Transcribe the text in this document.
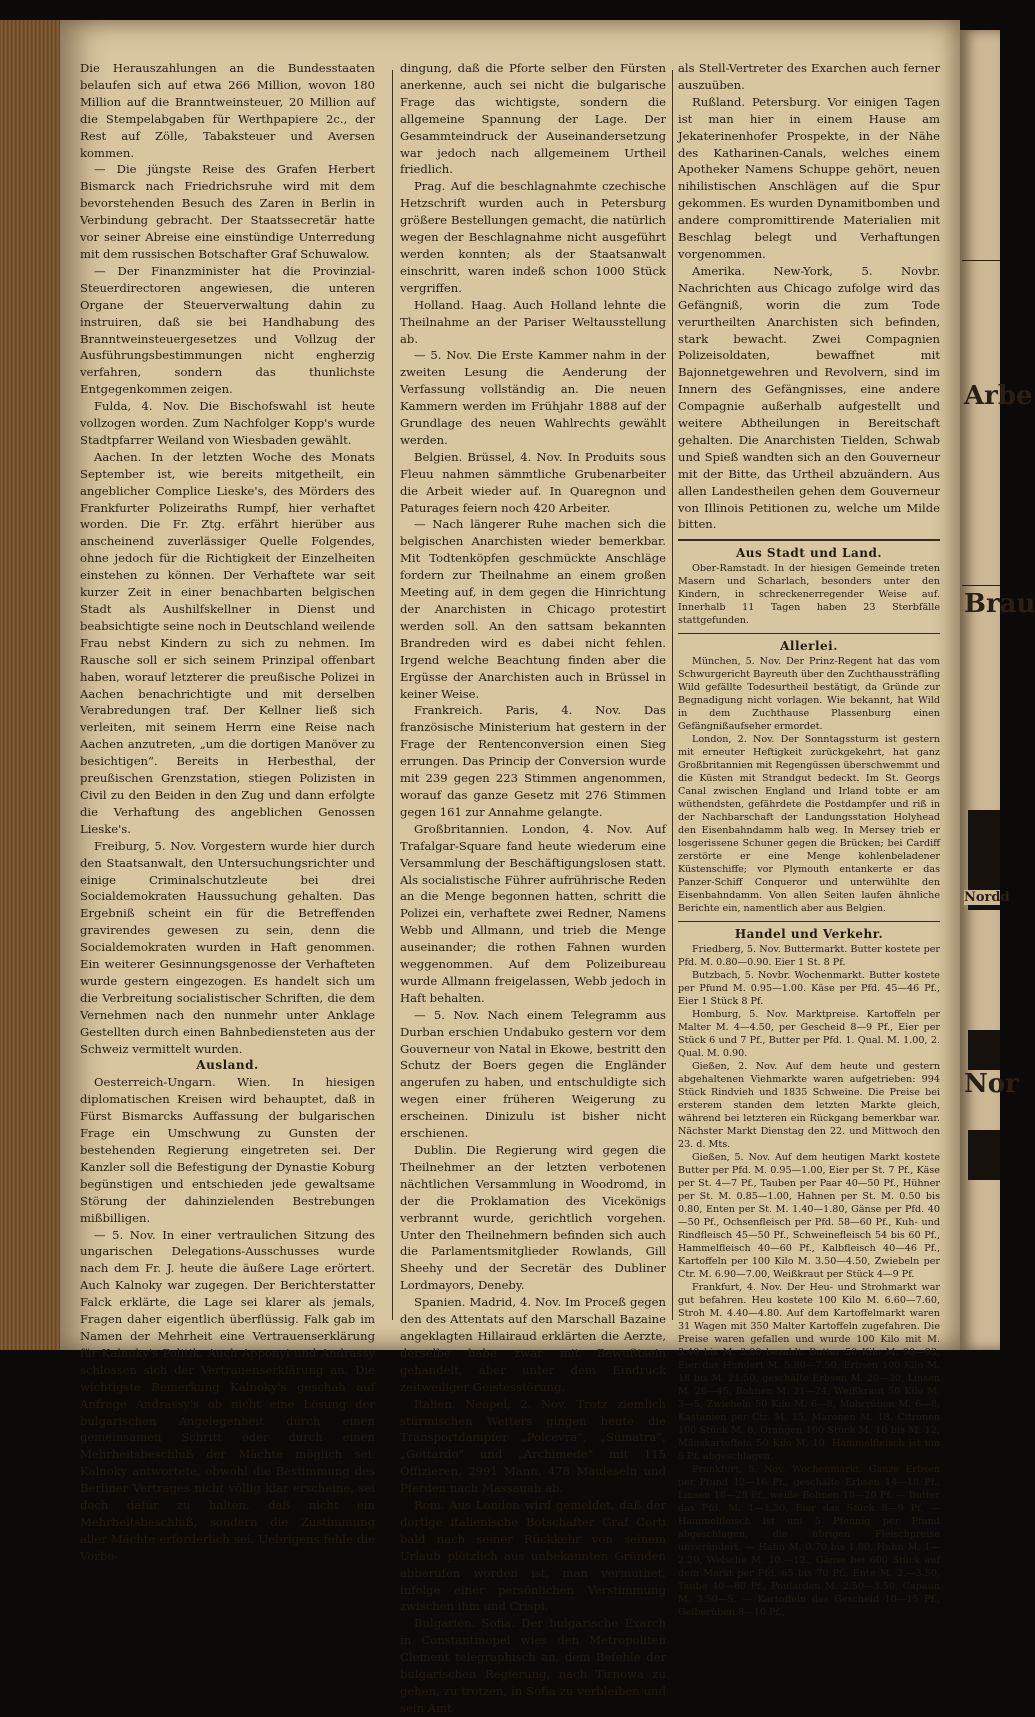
Die Herauszahlungen an die Bundesstaaten belaufen sich auf etwa 266 Million, wovon 180 Million auf die Branntweinsteuer, 20 Million auf die Stempelabgaben für Werthpapiere 2c., der Rest auf Zölle, Tabaksteuer und Aversen kommen.

— Die jüngste Reise des Grafen Herbert Bismarck nach Friedrichsruhe wird mit dem bevorstehenden Besuch des Zaren in Berlin in Verbindung gebracht. Der Staatssecretär hatte vor seiner Abreise eine einstündige Unterredung mit dem russischen Botschafter Graf Schuwalow.

— Der Finanzminister hat die Provinzial-Steuerdirectoren angewiesen, die unteren Organe der Steuerverwaltung dahin zu instruiren, daß sie bei Handhabung des Branntweinsteuergesetzes und Vollzug der Ausführungsbestimmungen nicht engherzig verfahren, sondern das thunlichste Entgegenkommen zeigen.

Fulda, 4. Nov. Die Bischofswahl ist heute vollzogen worden. Zum Nachfolger Kopp's wurde Stadtpfarrer Weiland von Wiesbaden gewählt.

Aachen. In der letzten Woche des Monats September ist, wie bereits mitgetheilt, ein angeblicher Complice Lieske's, des Mörders des Frankfurter Polizeiraths Rumpf, hier verhaftet worden. Die Fr. Ztg. erfährt hierüber aus anscheinend zuverlässiger Quelle Folgendes, ohne jedoch für die Richtigkeit der Einzelheiten einstehen zu können. Der Verhaftete war seit kurzer Zeit in einer benachbarten belgischen Stadt als Aushilfskellner in Dienst und beabsichtigte seine noch in Deutschland weilende Frau nebst Kindern zu sich zu nehmen. Im Rausche soll er sich seinem Prinzipal offenbart haben, worauf letzterer die preußische Polizei in Aachen benachrichtigte und mit derselben Verabredungen traf. Der Kellner ließ sich verleiten, mit seinem Herrn eine Reise nach Aachen anzutreten, „um die dortigen Manöver zu besichtigen“. Bereits in Herbesthal, der preußischen Grenzstation, stiegen Polizisten in Civil zu den Beiden in den Zug und dann erfolgte die Verhaftung des angeblichen Genossen Lieske's.

Freiburg, 5. Nov. Vorgestern wurde hier durch den Staatsanwalt, den Untersuchungsrichter und einige Criminalschutzleute bei drei Socialdemokraten Haussuchung gehalten. Das Ergebniß scheint ein für die Betreffenden gravirendes gewesen zu sein, denn die Socialdemokraten wurden in Haft genommen. Ein weiterer Gesinnungsgenosse der Verhafteten wurde gestern eingezogen. Es handelt sich um die Verbreitung socialistischer Schriften, die dem Vernehmen nach den nunmehr unter Anklage Gestellten durch einen Bahnbediensteten aus der Schweiz vermittelt wurden.

Ausland.

Oesterreich-Ungarn. Wien. In hiesigen diplomatischen Kreisen wird behauptet, daß in Fürst Bismarcks Auffassung der bulgarischen Frage ein Umschwung zu Gunsten der bestehenden Regierung eingetreten sei. Der Kanzler soll die Befestigung der Dynastie Koburg begünstigen und entschieden jede gewaltsame Störung der dahinzielenden Bestrebungen mißbilligen.

— 5. Nov. In einer vertraulichen Sitzung des ungarischen Delegations-Ausschusses wurde nach dem Fr. J. heute die äußere Lage erörtert. Auch Kalnoky war zugegen. Der Berichterstatter Falck erklärte, die Lage sei klarer als jemals, Fragen daher eigentlich überflüssig. Falk gab im Namen der Mehrheit eine Vertrauenserklärung für Kalnoky's Politik. Auch Apponyi und Andrassy schlossen sich der Vertrauenserklärung an. Die wichtigste Bemerkung Kalnoky's geschah auf Anfrage Andrassy's ob nicht eine Lösung der bulgarischen Angelegenheit durch einen gemeinsamen Schritt oder durch einen Mehrheitsbeschluß der Mächte möglich sei. Kalnoky antwortete, obwohl die Bestimmung des Berliner Vertrages nicht völlig klar erscheine, sei doch dafür zu halten, daß nicht ein Mehrheitsbeschluß, sondern die Zustimmung aller Mächte erforderlich sei. Uebrigens fehle die Vorbe-

dingung, daß die Pforte selber den Fürsten anerkenne, auch sei nicht die bulgarische Frage das wichtigste, sondern die allgemeine Spannung der Lage. Der Gesammteindruck der Auseinandersetzung war jedoch nach allgemeinem Urtheil friedlich.

Prag. Auf die beschlagnahmte czechische Hetzschrift wurden auch in Petersburg größere Bestellungen gemacht, die natürlich wegen der Beschlagnahme nicht ausgeführt werden konnten; als der Staatsanwalt einschritt, waren indeß schon 1000 Stück vergriffen.

Holland. Haag. Auch Holland lehnte die Theilnahme an der Pariser Weltausstellung ab.

— 5. Nov. Die Erste Kammer nahm in der zweiten Lesung die Aenderung der Verfassung vollständig an. Die neuen Kammern werden im Frühjahr 1888 auf der Grundlage des neuen Wahlrechts gewählt werden.

Belgien. Brüssel, 4. Nov. In Produits sous Fleuu nahmen sämmtliche Grubenarbeiter die Arbeit wieder auf. In Quaregnon und Paturages feiern noch 420 Arbeiter.

— Nach längerer Ruhe machen sich die belgischen Anarchisten wieder bemerkbar. Mit Todtenköpfen geschmückte Anschläge fordern zur Theilnahme an einem großen Meeting auf, in dem gegen die Hinrichtung der Anarchisten in Chicago protestirt werden soll. An den sattsam bekannten Brandreden wird es dabei nicht fehlen. Irgend welche Beachtung finden aber die Ergüsse der Anarchisten auch in Brüssel in keiner Weise.

Frankreich. Paris, 4. Nov. Das französische Ministerium hat gestern in der Frage der Rentenconversion einen Sieg errungen. Das Princip der Conversion wurde mit 239 gegen 223 Stimmen angenommen, worauf das ganze Gesetz mit 276 Stimmen gegen 161 zur Annahme gelangte.

Großbritannien. London, 4. Nov. Auf Trafalgar-Square fand heute wiederum eine Versammlung der Beschäftigungslosen statt. Als socialistische Führer aufrührische Reden an die Menge begonnen hatten, schritt die Polizei ein, verhaftete zwei Redner, Namens Webb und Allmann, und trieb die Menge auseinander; die rothen Fahnen wurden weggenommen. Auf dem Polizeibureau wurde Allmann freigelassen, Webb jedoch in Haft behalten.

— 5. Nov. Nach einem Telegramm aus Durban erschien Undabuko gestern vor dem Gouverneur von Natal in Ekowe, bestritt den Schutz der Boers gegen die Engländer angerufen zu haben, und entschuldigte sich wegen einer früheren Weigerung zu erscheinen. Dinizulu ist bisher nicht erschienen.

Dublin. Die Regierung wird gegen die Theilnehmer an der letzten verbotenen nächtlichen Versammlung in Woodromd, in der die Proklamation des Vicekönigs verbrannt wurde, gerichtlich vorgehen. Unter den Theilnehmern befinden sich auch die Parlamentsmitglieder Rowlands, Gill Sheehy und der Secretär des Dubliner Lordmayors, Deneby.

Spanien. Madrid, 4. Nov. Im Proceß gegen den des Attentats auf den Marschall Bazaine angeklagten Hillairaud erklärten die Aerzte, derselbe habe zwar mit Bewußtsein gehandelt, aber unter dem Eindruck zeitweiliger Geistesstörung.

Italien. Neapel, 2. Nov. Trotz ziemlich stürmischen Wetters gingen heute die Transportdampfer „Polcevra“, „Sumatra“, „Gottardo“ und „Archimede“ mit 115 Offizieren, 2991 Mann, 478 Mauleseln und Pferden nach Massauah ab.

Rom. Aus London wird gemeldet, daß der dortige italienische Botschafter Graf Corti bald nach seiner Rückkehr von seinem Urlaub plötzlich aus unbekannten Gründen abberufen worden ist, man vermuthet, infolge einer persönlichen Verstimmung zwischen ihm und Crispi.

Bulgarien. Sofia. Der bulgarische Exarch in Constantinopel wies den Metropoliten Clement telegraphisch an, dem Befehle der bulgarischen Regierung, nach Tirnowa zu gehen, zu trotzen, in Sofia zu verbleiben und sein Amt

als Stell-Vertreter des Exarchen auch ferner auszuüben.

Rußland. Petersburg. Vor einigen Tagen ist man hier in einem Hause am Jekaterinenhofer Prospekte, in der Nähe des Katharinen-Canals, welches einem Apotheker Namens Schuppe gehört, neuen nihilistischen Anschlägen auf die Spur gekommen. Es wurden Dynamitbomben und andere compromittirende Materialien mit Beschlag belegt und Verhaftungen vorgenommen.

Amerika. New-York, 5. Novbr. Nachrichten aus Chicago zufolge wird das Gefängniß, worin die zum Tode verurtheilten Anarchisten sich befinden, stark bewacht. Zwei Compagnien Polizeisoldaten, bewaffnet mit Bajonnetgewehren und Revolvern, sind im Innern des Gefängnisses, eine andere Compagnie außerhalb aufgestellt und weitere Abtheilungen in Bereitschaft gehalten. Die Anarchisten Tielden, Schwab und Spieß wandten sich an den Gouverneur mit der Bitte, das Urtheil abzuändern. Aus allen Landestheilen gehen dem Gouverneur von Illinois Petitionen zu, welche um Milde bitten.

Aus Stadt und Land.

Ober-Ramstadt. In der hiesigen Gemeinde treten Masern und Scharlach, besonders unter den Kindern, in schreckenerregender Weise auf. Innerhalb 11 Tagen haben 23 Sterbfälle stattgefunden.

Allerlei.

München, 5. Nov. Der Prinz-Regent hat das vom Schwurgericht Bayreuth über den Zuchthaussträfling Wild gefällte Todesurtheil bestätigt, da Gründe zur Begnadigung nicht vorlagen. Wie bekannt, hat Wild in dem Zuchthause Plassenburg einen Gefängnißaufseher ermordet.

London, 2. Nov. Der Sonntagssturm ist gestern mit erneuter Heftigkeit zurückgekehrt, hat ganz Großbritannien mit Regengüssen überschwemmt und die Küsten mit Strandgut bedeckt. Im St. Georgs Canal zwischen England und Irland tobte er am wüthendsten, gefährdete die Postdampfer und riß in der Nachbarschaft der Landungsstation Holyhead den Eisenbahndamm halb weg. In Mersey trieb er losgerissene Schuner gegen die Brücken; bei Cardiff zerstörte er eine Menge kohlenbeladener Küstenschiffe; vor Plymouth entankerte er das Panzer-Schiff Conqueror und unterwühlte den Eisenbahndamm. Von allen Seiten laufen ähnliche Berichte ein, namentlich aber aus Belgien.

Handel und Verkehr.

Friedberg, 5. Nov. Buttermarkt. Butter kostete per Pfd. M. 0.80—0.90. Eier 1 St. 8 Pf.

Butzbach, 5. Novbr. Wochenmarkt. Butter kostete per Pfund M. 0.95—1.00. Käse per Pfd. 45—46 Pf., Eier 1 Stück 8 Pf.

Homburg, 5. Nov. Marktpreise. Kartoffeln per Malter M. 4—4.50, per Gescheid 8—9 Pf., Eier per Stück 6 und 7 Pf., Butter per Pfd. 1. Qual. M. 1.00, 2. Qual. M. 0.90.

Gießen, 2. Nov. Auf dem heute und gestern abgehaltenen Viehmarkte waren aufgetrieben: 994 Stück Rindvieh und 1835 Schweine. Die Preise bei ersterem standen dem letzten Markte gleich, während bei letzteren ein Rückgang bemerkbar war. Nächster Markt Dienstag den 22. und Mittwoch den 23. d. Mts.

Gießen, 5. Nov. Auf dem heutigen Markt kostete Butter per Pfd. M. 0.95—1.00, Eier per St. 7 Pf., Käse per St. 4—7 Pf., Tauben per Paar 40—50 Pf., Hühner per St. M. 0.85—1.00, Hahnen per St. M. 0.50 bis 0.80, Enten per St. M. 1.40—1.80, Gänse per Pfd. 40—50 Pf., Ochsenfleisch per Pfd. 58—60 Pf., Kuh- und Rindfleisch 45—50 Pf., Schweinefleisch 54 bis 60 Pf., Hammelfleisch 40—60 Pf., Kalbfleisch 40—46 Pf., Kartoffeln per 100 Kilo M. 3.50—4.50, Zwiebeln per Ctr. M. 6.90—7.00, Weißkraut per Stück 4—9 Pf.

Frankfurt, 4. Nov. Der Heu- und Strohmarkt war gut befahren. Heu kostete 100 Kilo M. 6.60—7.60, Stroh M. 4.40—4.80. Auf dem Kartoffelmarkt waren 31 Wagen mit 350 Malter Kartoffeln zugefahren. Die Preise waren gefallen und wurde 100 Kilo mit M. 3.40 bis M. 3.80 bezahlt. Butter 50 Kilo M. 90—93, Eier das Hundert M. 5.80—7.50, Erbsen 100 Kilo M. 18 bis M. 21.50, geschälte Erbsen M. 20—30, Linsen M. 28—45, Bohnen M. 21—24, Weißkraut 50 Kilo M. 3—5, Zwiebeln 50 Kilo M. 6—8, Mohrrüben M. 6—8, Kastanien per Ctr. M. 15, Maronen M. 18, Citronen 100 Stück M. 8, Orangen 100 Stück M. 10 bis M. 12, Mäuskartoffeln 50 Kilo M. 10. Hammelfleisch ist um 5 Pf. abgeschlagen.

Frankfurt, 5. Nov. Wochenmarkt. Ganze Erbsen per Pfund 12—16 Pf., geschälte Erbsen 14—18 Pf., Linsen 18—28 Pf., weiße Bohnen 18—20 Pf. — Butter das Pfd. M. 1—1.30, Eier das Stück 8—9 Pf. — Hammelfleisch ist um 5 Pfennig per Pfund abgeschlagen, die übrigen Fleischpreise unverändert. — Hahn M. 0.70 bis 1.80, Huhn M. 1—2.20, Welsche M. 10.—12., Gänse bei 600 Stück auf dem Markt per Pfd. 65 bis 70 Pf., Ente M. 2.—3.50, Taube 40—60 Pf., Poularden M. 2.50—3.50, Capaun M. 3.50—5. — Kartoffeln das Gescheid 10—15 Pf., Gelberüben 8—10 Pf.,

Arbe
Brau
Nordd
Nor
